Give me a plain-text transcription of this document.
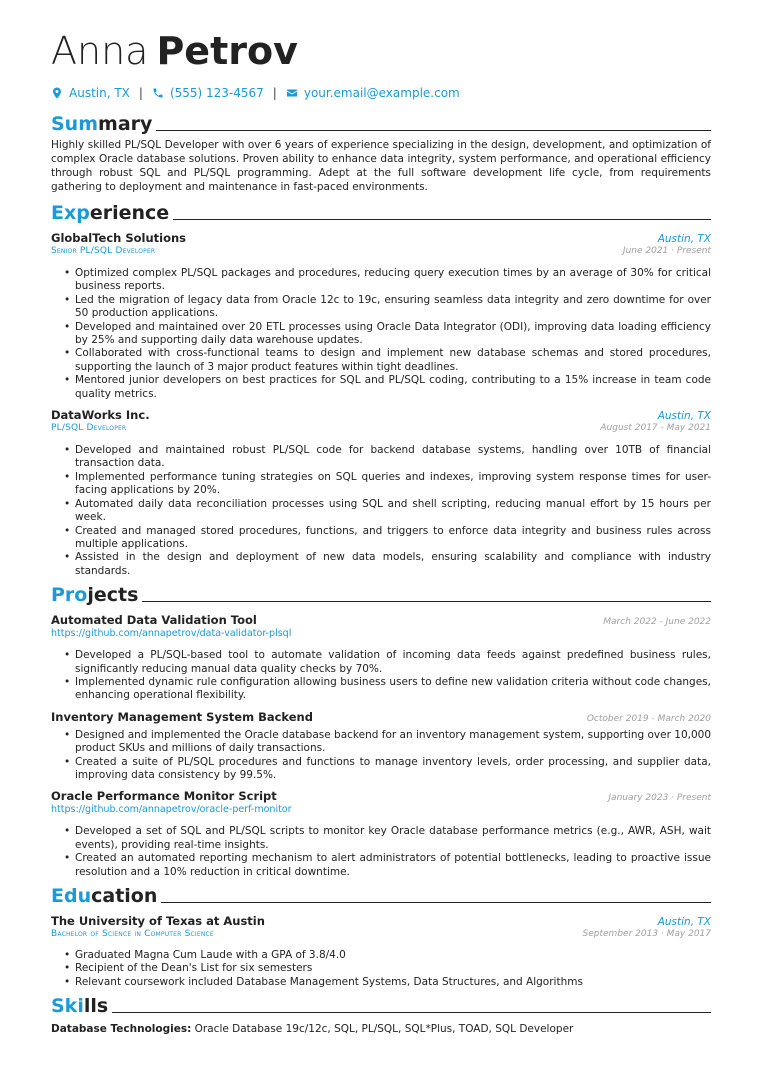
Anna Petrov
Austin, TX | (555) 123-4567 | your.email@example.com
Summary
Highly skilled PL/SQL Developer with over 6 years of experience specializing in the design, development, and optimization of complex Oracle database solutions. Proven ability to enhance data integrity, system performance, and operational efficiency through robust SQL and PL/SQL programming. Adept at the full software development life cycle, from requirements gathering to deployment and maintenance in fast-paced environments.
Experience
GlobalTech Solutions	Austin, TX
Senior PL/SQL Developer	June 2021 · Present
• Optimized complex PL/SQL packages and procedures, reducing query execution times by an average of 30% for critical business reports.
• Led the migration of legacy data from Oracle 12c to 19c, ensuring seamless data integrity and zero downtime for over 50 production applications.
• Developed and maintained over 20 ETL processes using Oracle Data Integrator (ODI), improving data loading efficiency by 25% and supporting daily data warehouse updates.
• Collaborated with cross-functional teams to design and implement new database schemas and stored procedures, supporting the launch of 3 major product features within tight deadlines.
• Mentored junior developers on best practices for SQL and PL/SQL coding, contributing to a 15% increase in team code quality metrics.
DataWorks Inc.	Austin, TX
PL/SQL Developer	August 2017 - May 2021
• Developed and maintained robust PL/SQL code for backend database systems, handling over 10TB of financial transaction data.
• Implemented performance tuning strategies on SQL queries and indexes, improving system response times for user-facing applications by 20%.
• Automated daily data reconciliation processes using SQL and shell scripting, reducing manual effort by 15 hours per week.
• Created and managed stored procedures, functions, and triggers to enforce data integrity and business rules across multiple applications.
• Assisted in the design and deployment of new data models, ensuring scalability and compliance with industry standards.
Projects
Automated Data Validation Tool	March 2022 - June 2022
https://github.com/annapetrov/data-validator-plsql
• Developed a PL/SQL-based tool to automate validation of incoming data feeds against predefined business rules, significantly reducing manual data quality checks by 70%.
• Implemented dynamic rule configuration allowing business users to define new validation criteria without code changes, enhancing operational flexibility.
Inventory Management System Backend	October 2019 - March 2020
• Designed and implemented the Oracle database backend for an inventory management system, supporting over 10,000 product SKUs and millions of daily transactions.
• Created a suite of PL/SQL procedures and functions to manage inventory levels, order processing, and supplier data, improving data consistency by 99.5%.
Oracle Performance Monitor Script	January 2023 · Present
https://github.com/annapetrov/oracle-perf-monitor
• Developed a set of SQL and PL/SQL scripts to monitor key Oracle database performance metrics (e.g., AWR, ASH, wait events), providing real-time insights.
• Created an automated reporting mechanism to alert administrators of potential bottlenecks, leading to proactive issue resolution and a 10% reduction in critical downtime.
Education
The University of Texas at Austin	Austin, TX
Bachelor of Science in Computer Science	September 2013 · May 2017
• Graduated Magna Cum Laude with a GPA of 3.8/4.0
• Recipient of the Dean's List for six semesters
• Relevant coursework included Database Management Systems, Data Structures, and Algorithms
Skills
Database Technologies: Oracle Database 19c/12c, SQL, PL/SQL, SQL*Plus, TOAD, SQL Developer
